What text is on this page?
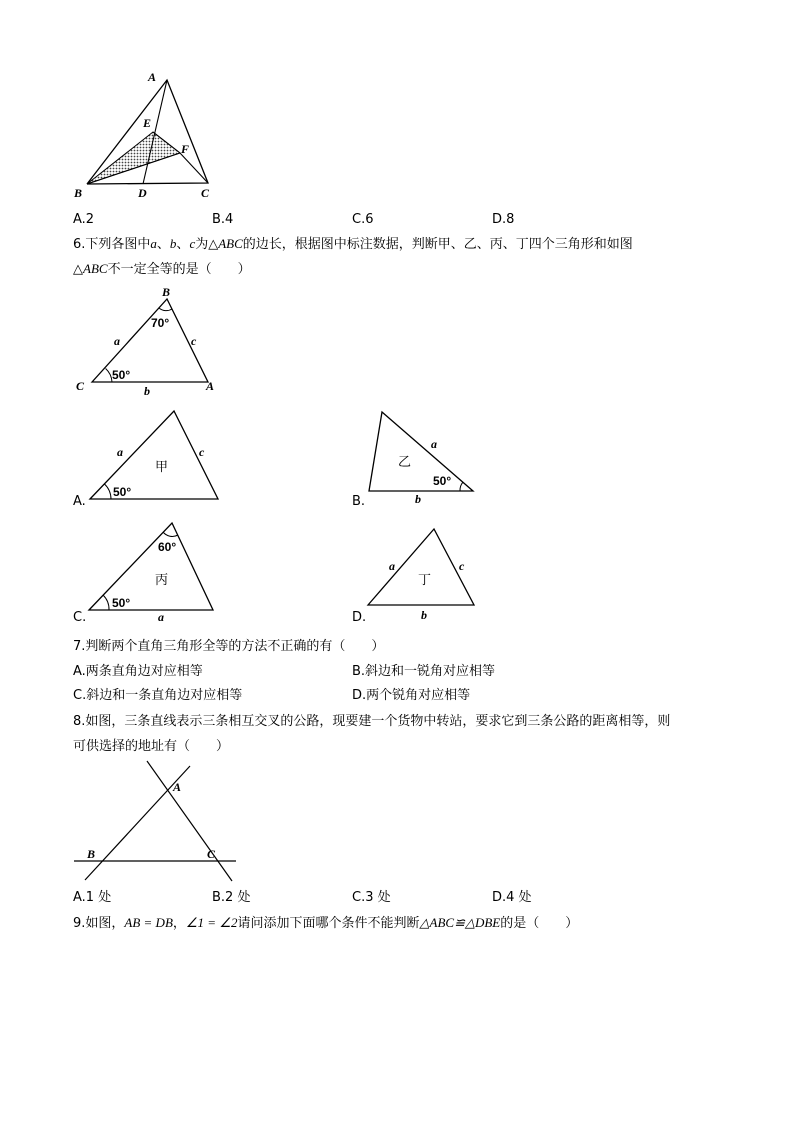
A
E
F
B	D	C
A.2	B.4	C.6	D.8
6.下列各图中a、b、c为△ABC的边长，根据图中标注数据，判断甲、乙、丙、丁四个三角形和如图
△ABC不一定全等的是（　　）
B
70°
a	c
50°
C	A
b
A.
a	c
甲
50°
B.
a
乙
50°
b
C.
60°
丙
50°
a	D.
a	c
丁
b
7.判断两个直角三角形全等的方法不正确的有（　　）
A.两条直角边对应相等	B.斜边和一锐角对应相等
C.斜边和一条直角边对应相等	D.两个锐角对应相等
8.如图，三条直线表示三条相互交叉的公路，现要建一个货物中转站，要求它到三条公路的距离相等，则
可供选择的地址有（　　）
A
B	C
A.1 处	B.2 处	C.3 处	D.4 处
9.如图，AB = DB，∠1 = ∠2请问添加下面哪个条件不能判断△ABC≌△DBE的是（　　）
